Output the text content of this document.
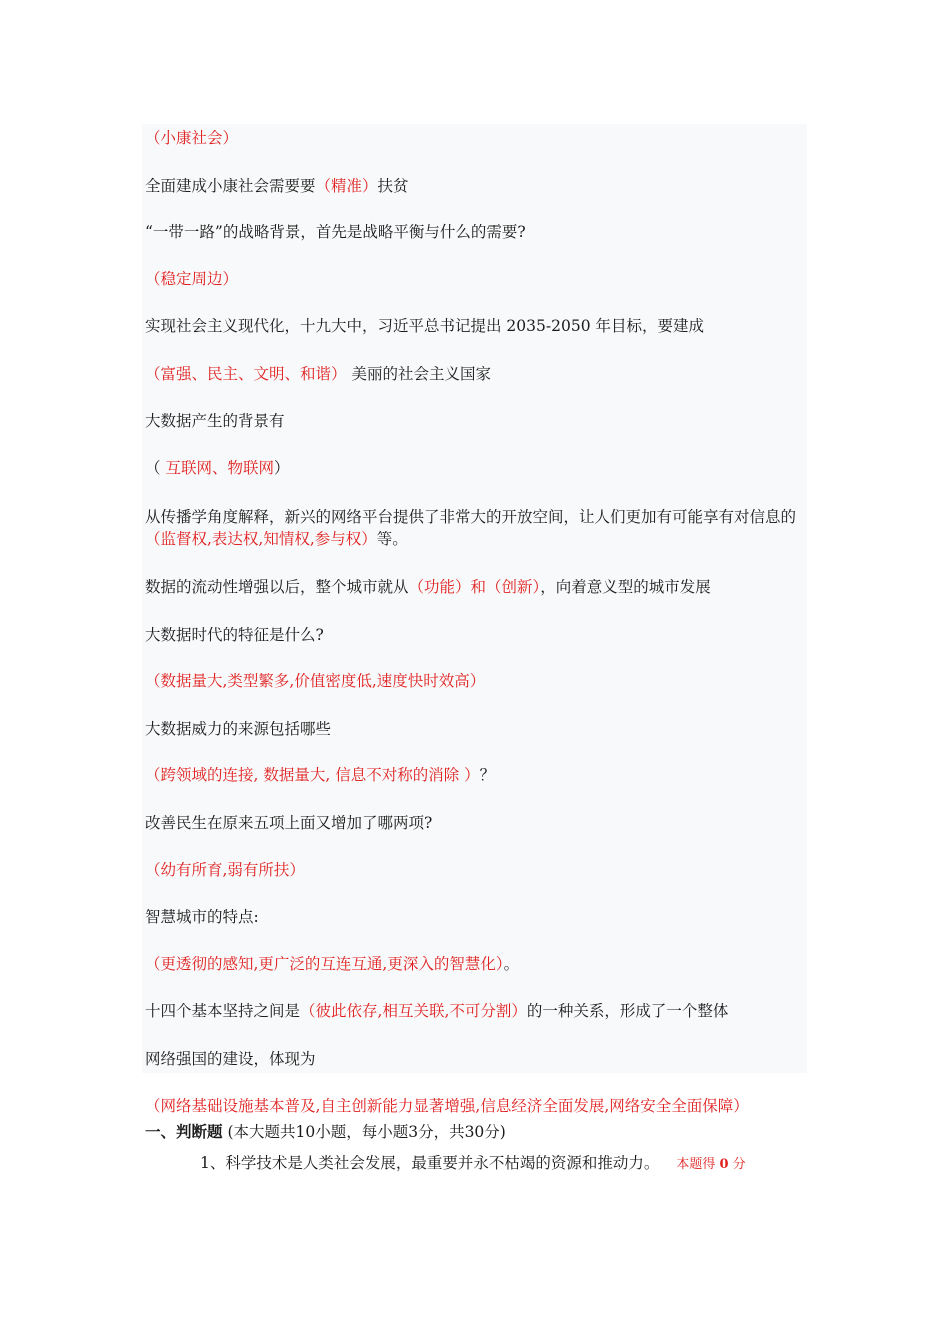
（小康社会）
全面建成小康社会需要要（精准）扶贫
“一带一路”的战略背景，首先是战略平衡与什么的需要?
（稳定周边）
实现社会主义现代化，十九大中，习近平总书记提出 2035-2050 年目标，要建成
（富强、民主、文明、和谐） 美丽的社会主义国家
大数据产生的背景有
（ 互联网、物联网）
从传播学角度解释，新兴的网络平台提供了非常大的开放空间，让人们更加有可能享有对信息的（监督权,表达权,知情权,参与权）等。
数据的流动性增强以后，整个城市就从（功能）和（创新），向着意义型的城市发展
大数据时代的特征是什么?
（数据量大,类型繁多,价值密度低,速度快时效高）
大数据威力的来源包括哪些
（跨领域的连接, 数据量大, 信息不对称的消除 ）？
改善民生在原来五项上面又增加了哪两项?
（幼有所育,弱有所扶）
智慧城市的特点:
（更透彻的感知,更广泛的互连互通,更深入的智慧化）。
十四个基本坚持之间是（彼此依存,相互关联,不可分割）的一种关系，形成了一个整体
网络强国的建设，体现为
（网络基础设施基本普及,自主创新能力显著增强,信息经济全面发展,网络安全全面保障）
一、判断题 (本大题共10小题，每小题3分，共30分)
1、科学技术是人类社会发展，最重要并永不枯竭的资源和推动力。 本题得 0 分
